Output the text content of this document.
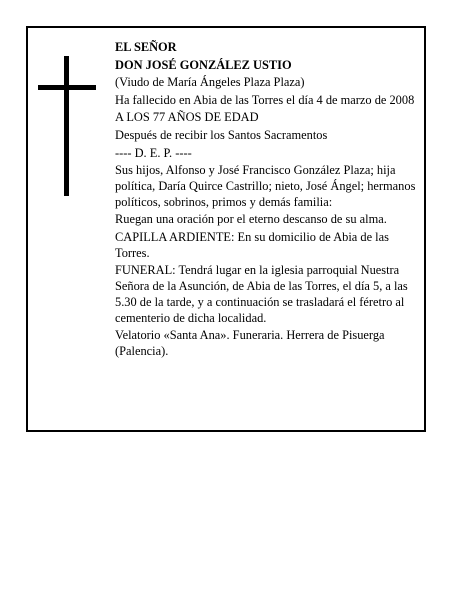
EL SEÑOR

DON JOSÉ GONZÁLEZ USTIO

(Viudo de María Ángeles Plaza Plaza)

Ha fallecido en Abia de las Torres el día 4 de marzo de 2008

A LOS 77 AÑOS DE EDAD

Después de recibir los Santos Sacramentos

---- D. E. P. ----

Sus hijos, Alfonso y José Francisco González Plaza; hija política, Daría Quirce Castrillo; nieto, José Ángel; hermanos políticos, sobrinos, primos y demás familia:

Ruegan una oración por el eterno descanso de su alma.

CAPILLA ARDIENTE: En su domicilio de Abia de las Torres.

FUNERAL: Tendrá lugar en la iglesia parroquial Nuestra Señora de la Asunción, de Abia de las Torres, el día 5, a las 5.30 de la tarde, y a continuación se trasladará el féretro al cementerio de dicha localidad.

Velatorio «Santa Ana». Funeraria. Herrera de Pisuerga (Palencia).
